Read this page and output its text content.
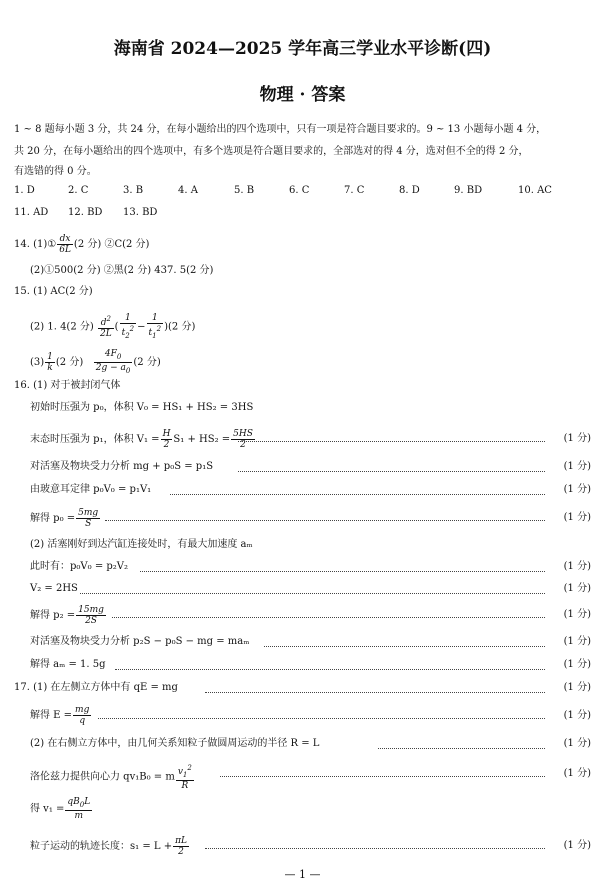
海南省 2024—2025 学年高三学业水平诊断(四)
物理 · 答案
1 ~ 8 题每小题 3 分，共 24 分，在每小题给出的四个选项中，只有一项是符合题目要求的。9 ~ 13 小题每小题 4 分，
共 20 分，在每小题给出的四个选项中，有多个选项是符合题目要求的，全部选对的得 4 分，选对但不全的得 2 分，
有选错的得 0 分。
1. D	2. C	3. B	4. A	5. B	6. C	7. C	8. D	9. BD	10. AC
11. AD 12. BD 13. BD
14. (1)① $\frac{dx}{6L} (2$ 分) ②C(2 分)
(2)①500(2 分) ②黑(2 分) 437. 5(2 分)
15. (1) AC(2 分)
(2) 1. 4(2 分) $\frac{d^2}{2L}$ ( $\frac{1}{t_2^2} - \frac{1}{t_1^2} )(2$ 分)
$(3) \frac{1}{k} (2$ 分) $\frac{4F_0}{2g - a_0} (2$ 分)
16. (1) 对于被封闭气体
初始时压强为 p₀，体积 V₀ = HS₁ + HS₂ = 3HS
末态时压强为 p₁，体积 $V_1 = \frac{H}{2} S_1 + HS_2 = \frac{5HS}{2}$	(1 分)
对活塞及物块受力分析 mg + p₀S = p₁S	(1 分)
由玻意耳定律 p₀V₀ = p₁V₁	(1 分)
解得 $p_0 = \frac{5mg}{S}$	(1 分)
(2) 活塞刚好到达汽缸连接处时，有最大加速度 aₘ
此时有：p₀V₀ = p₂V₂	(1 分)
V₂ = 2HS	(1 分)
解得 $p_2 = \frac{15mg}{2S}$	(1 分)
对活塞及物块受力分析 p₂S − p₀S − mg = maₘ	(1 分)
解得 aₘ = 1. 5g	(1 分)
17. (1) 在左侧立方体中有 qE = mg	(1 分)
解得 $E = \frac{mg}{q}$	(1 分)
(2) 在右侧立方体中，由几何关系知粒子做圆周运动的半径 R = L	(1 分)
洛伦兹力提供向心力 qv₁B₀ = m $\frac{v_1^2}{R}$	(1 分)
得 $v_1 = \frac{qB_0L}{m}$
粒子运动的轨迹长度：$s_1 = L + \frac{\pi L}{2}$	(1 分)
— 1 —
